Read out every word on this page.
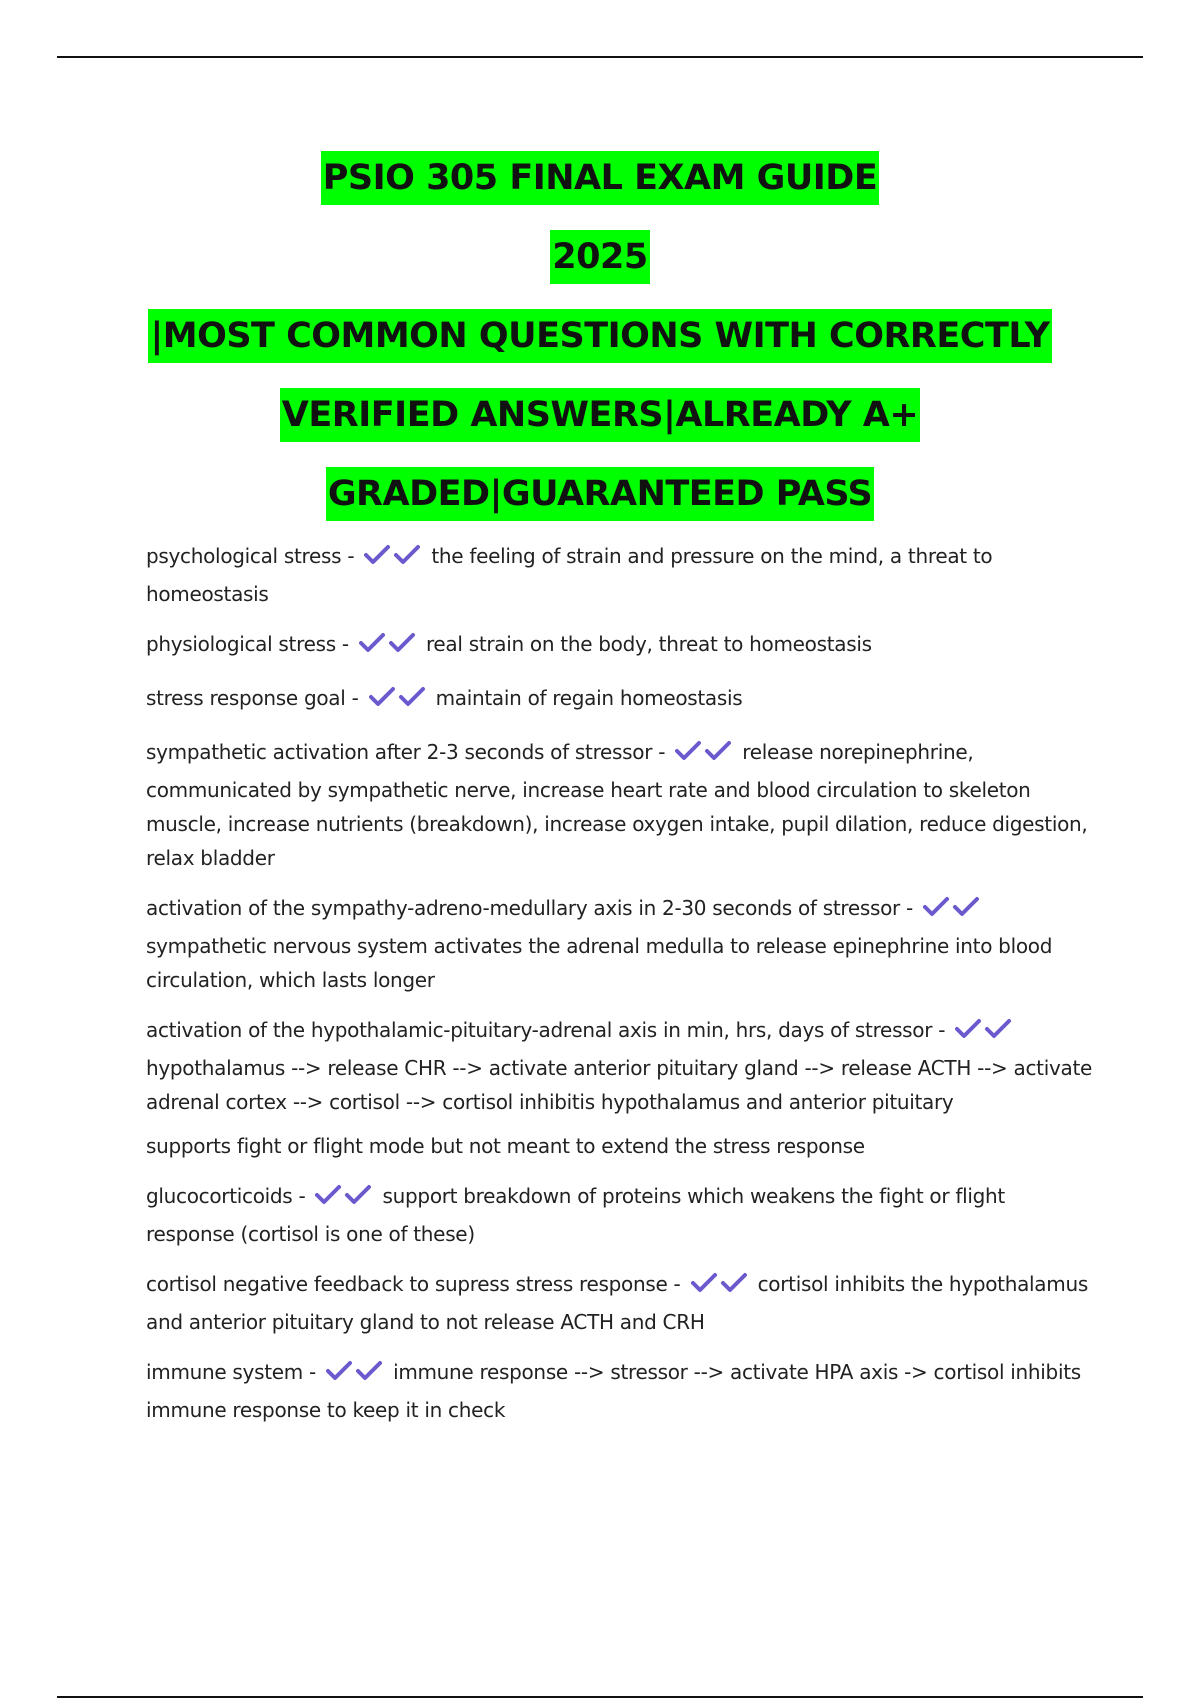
PSIO 305 FINAL EXAM GUIDE
2025
|MOST COMMON QUESTIONS WITH CORRECTLY
VERIFIED ANSWERS|ALREADY A+
GRADED|GUARANTEED PASS
psychological stress -	the feeling of strain and pressure on the mind, a threat to homeostasis
physiological stress -	real strain on the body, threat to homeostasis
stress response goal -	maintain of regain homeostasis
sympathetic activation after 2-3 seconds of stressor -	release norepinephrine, communicated by sympathetic nerve, increase heart rate and blood circulation to skeleton muscle, increase nutrients (breakdown), increase oxygen intake, pupil dilation, reduce digestion, relax bladder
activation of the sympathy-adreno-medullary axis in 2-30 seconds of stressor -  sympathetic nervous system activates the adrenal medulla to release epinephrine into blood circulation, which lasts longer
activation of the hypothalamic-pituitary-adrenal axis in min, hrs, days of stressor -  hypothalamus --> release CHR --> activate anterior pituitary gland --> release ACTH --> activate adrenal cortex --> cortisol --> cortisol inhibitis hypothalamus and anterior pituitary

supports fight or flight mode but not meant to extend the stress response

glucocorticoids -	support breakdown of proteins which weakens the fight or flight response (cortisol is one of these)
cortisol negative feedback to supress stress response -	cortisol inhibits the hypothalamus and anterior pituitary gland to not release ACTH and CRH
immune system -	immune response --> stressor --> activate HPA axis -> cortisol inhibits immune response to keep it in check
